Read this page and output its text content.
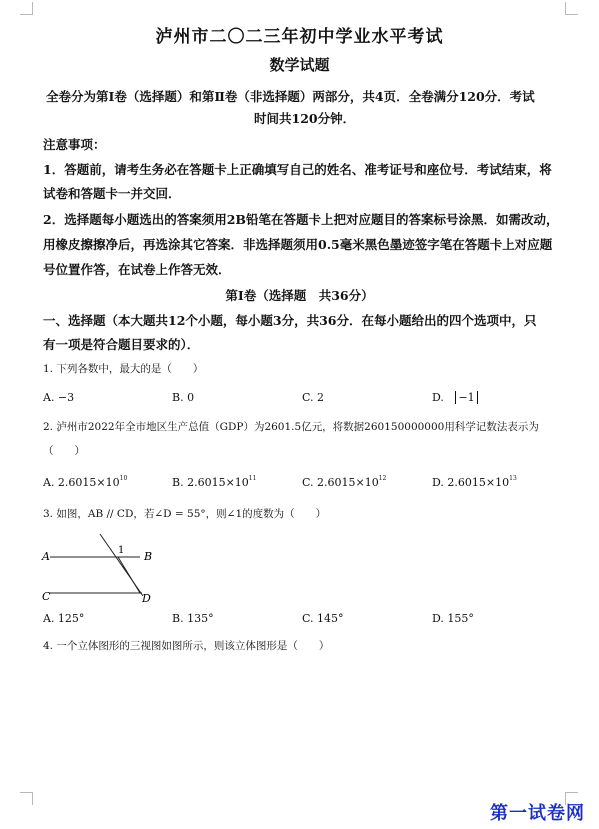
泸州市二〇二三年初中学业水平考试
数学试题
全卷分为第Ⅰ卷（选择题）和第Ⅱ卷（非选择题）两部分，共4页．全卷满分120分．考试
时间共120分钟．
注意事项：
1．答题前，请考生务必在答题卡上正确填写自己的姓名、准考证号和座位号．考试结束，将
试卷和答题卡一并交回．
2．选择题每小题选出的答案须用2B铅笔在答题卡上把对应题目的答案标号涂黑．如需改动，
用橡皮擦擦净后，再选涂其它答案．非选择题须用0.5毫米黑色墨迹签字笔在答题卡上对应题
号位置作答，在试卷上作答无效．
第Ⅰ卷（选择题　共36分）
一、选择题（本大题共12个小题，每小题3分，共36分．在每小题给出的四个选项中，只
有一项是符合题目要求的）．
1. 下列各数中，最大的是（　　）
A. −3	B. 0	C. 2	D. −1
2. 泸州市2022年全市地区生产总值（GDP）为2601.5亿元，将数据260150000000用科学记数法表示为
（　　）
A. $2.6015\times 10^{10}$	B. $2.6015\times 10^{11}$	C. $2.6015\times 10^{12}$	D. $2.6015\times 10^{13}$
3. 如图，AB // CD，若∠D = 55°，则∠1的度数为（　　）
A	B
C	D
1
A. 125°	B. 135°	C. 145°	D. 155°
4. 一个立体图形的三视图如图所示，则该立体图形是（　　）
第一试卷网
